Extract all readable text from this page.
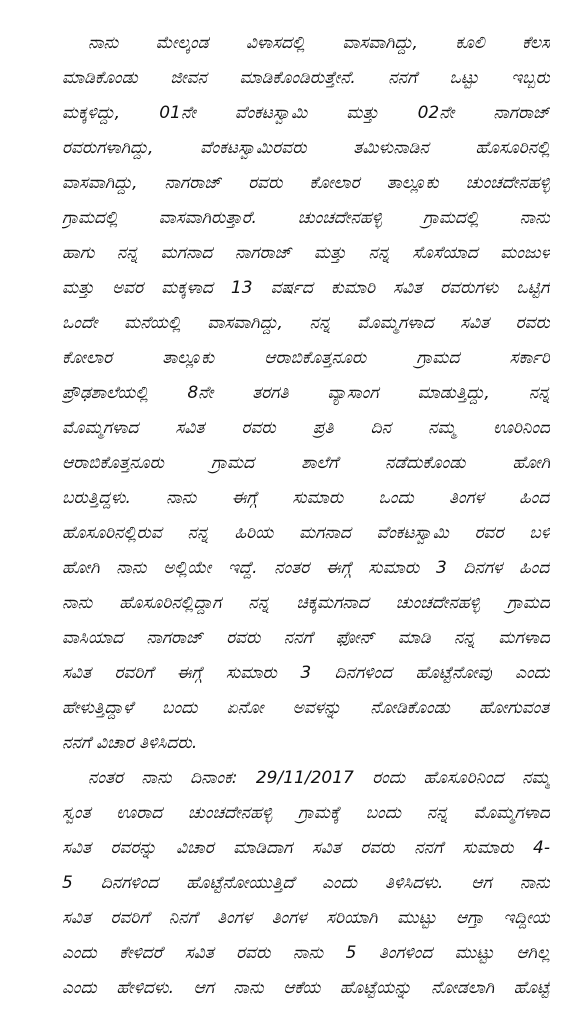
ನಾನು ಮೇಲ್ಕಂಡ ವಿಳಾಸದಲ್ಲಿ ವಾಸವಾಗಿದ್ದು, ಕೂಲಿ ಕೆಲಸ
ಮಾಡಿಕೊಂಡು ಜೀವನ ಮಾಡಿಕೊಂಡಿರುತ್ತೇನೆ. ನನಗೆ ಒಟ್ಟು ಇಬ್ಬರು
ಮಕ್ಕಳಿದ್ದು, 01ನೇ ವೆಂಕಟಸ್ವಾಮಿ ಮತ್ತು 02ನೇ ನಾಗರಾಜ್
ರವರುಗಳಾಗಿದ್ದು, ವೆಂಕಟಸ್ವಾಮಿರವರು ತಮಿಳುನಾಡಿನ ಹೊಸೂರಿನಲ್ಲಿ
ವಾಸವಾಗಿದ್ದು, ನಾಗರಾಜ್ ರವರು ಕೋಲಾರ ತಾಲ್ಲೂಕು ಚುಂಚದೇನಹಳ್ಳಿ
ಗ್ರಾಮದಲ್ಲಿ ವಾಸವಾಗಿರುತ್ತಾರೆ. ಚುಂಚದೇನಹಳ್ಳಿ ಗ್ರಾಮದಲ್ಲಿ ನಾನು
ಹಾಗು ನನ್ನ ಮಗನಾದ ನಾಗರಾಜ್ ಮತ್ತು ನನ್ನ ಸೊಸೆಯಾದ ಮಂಜುಳ
ಮತ್ತು ಅವರ ಮಕ್ಕಳಾದ 13 ವರ್ಷದ ಕುಮಾರಿ ಸವಿತ ರವರುಗಳು ಒಟ್ಟಿಗೆ
ಒಂದೇ ಮನೆಯಲ್ಲಿ ವಾಸವಾಗಿದ್ದು, ನನ್ನ ಮೊಮ್ಮಗಳಾದ ಸವಿತ ರವರು
ಕೋಲಾರ ತಾಲ್ಲೂಕು ಆರಾಬಿಕೊತ್ತನೂರು ಗ್ರಾಮದ ಸರ್ಕಾರಿ
ಪ್ರೌಢಶಾಲೆಯಲ್ಲಿ 8ನೇ ತರಗತಿ ವ್ಯಾಸಾಂಗ ಮಾಡುತ್ತಿದ್ದು, ನನ್ನ
ಮೊಮ್ಮಗಳಾದ ಸವಿತ ರವರು ಪ್ರತಿ ದಿನ ನಮ್ಮ ಊರಿನಿಂದ
ಆರಾಬಿಕೊತ್ತನೂರು ಗ್ರಾಮದ ಶಾಲೆಗೆ ನಡೆದುಕೊಂಡು ಹೋಗಿ
ಬರುತ್ತಿದ್ದಳು. ನಾನು ಈಗ್ಗೆ ಸುಮಾರು ಒಂದು ತಿಂಗಳ ಹಿಂದೆ
ಹೊಸೂರಿನಲ್ಲಿರುವ ನನ್ನ ಹಿರಿಯ ಮಗನಾದ ವೆಂಕಟಸ್ವಾಮಿ ರವರ ಬಳಿ
ಹೋಗಿ ನಾನು ಅಲ್ಲಿಯೇ ಇದ್ದೆ. ನಂತರ ಈಗ್ಗೆ ಸುಮಾರು 3 ದಿನಗಳ ಹಿಂದೆ
ನಾನು ಹೊಸೂರಿನಲ್ಲಿದ್ದಾಗ ನನ್ನ ಚಿಕ್ಕಮಗನಾದ ಚುಂಚದೇನಹಳ್ಳಿ ಗ್ರಾಮದ
ವಾಸಿಯಾದ ನಾಗರಾಜ್ ರವರು ನನಗೆ ಫೋನ್ ಮಾಡಿ ನನ್ನ ಮಗಳಾದ
ಸವಿತ ರವರಿಗೆ ಈಗ್ಗೆ ಸುಮಾರು 3 ದಿನಗಳಿಂದ ಹೊಟ್ಟೆನೋವು ಎಂದು
ಹೇಳುತ್ತಿದ್ದಾಳೆ ಬಂದು ಏನೋ ಅವಳನ್ನು ನೋಡಿಕೊಂಡು ಹೋಗುವಂತೆ
ನನಗೆ ವಿಚಾರ ತಿಳಿಸಿದರು.
ನಂತರ ನಾನು ದಿನಾಂಕ: 29/11/2017 ರಂದು ಹೊಸೂರಿನಿಂದ ನಮ್ಮ
ಸ್ವಂತ ಊರಾದ ಚುಂಚದೇನಹಳ್ಳಿ ಗ್ರಾಮಕ್ಕೆ ಬಂದು ನನ್ನ ಮೊಮ್ಮಗಳಾದ
ಸವಿತ ರವರನ್ನು ವಿಚಾರ ಮಾಡಿದಾಗ ಸವಿತ ರವರು ನನಗೆ ಸುಮಾರು 4-
5 ದಿನಗಳಿಂದ ಹೊಟ್ಟೆನೋಯುತ್ತಿದೆ ಎಂದು ತಿಳಿಸಿದಳು. ಆಗ ನಾನು
ಸವಿತ ರವರಿಗೆ ನಿನಗೆ ತಿಂಗಳ ತಿಂಗಳ ಸರಿಯಾಗಿ ಮುಟ್ಟು ಆಗ್ತಾ ಇದ್ದೀಯ
ಎಂದು ಕೇಳಿದರೆ ಸವಿತ ರವರು ನಾನು 5 ತಿಂಗಳಿಂದ ಮುಟ್ಟು ಆಗಿಲ್ಲ
ಎಂದು ಹೇಳಿದಳು. ಆಗ ನಾನು ಆಕೆಯ ಹೊಟ್ಟೆಯನ್ನು ನೋಡಲಾಗಿ ಹೊಟ್ಟೆ
